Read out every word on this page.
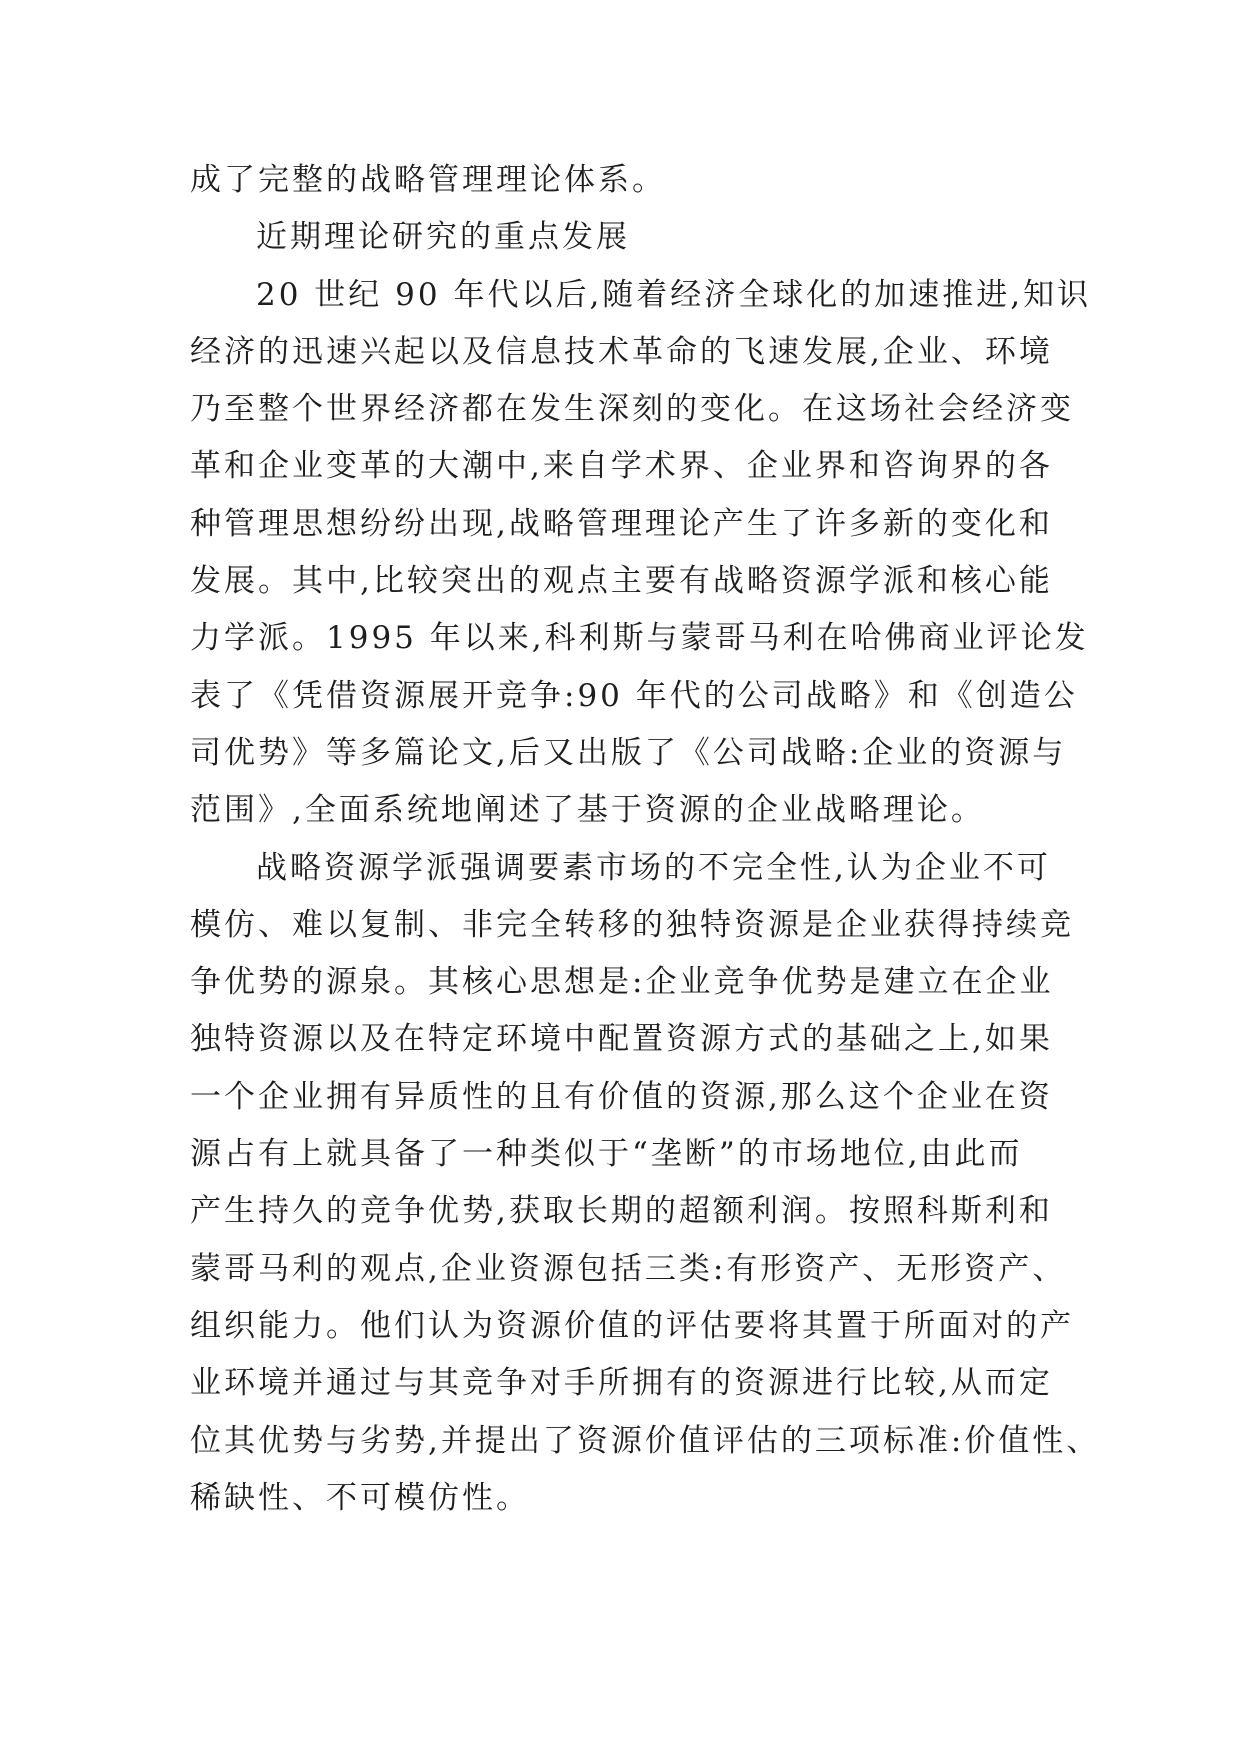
成了完整的战略管理理论体系。
近期理论研究的重点发展
20 世纪 90 年代以后,随着经济全球化的加速推进,知识
经济的迅速兴起以及信息技术革命的飞速发展,企业、环境
乃至整个世界经济都在发生深刻的变化。在这场社会经济变
革和企业变革的大潮中,来自学术界、企业界和咨询界的各
种管理思想纷纷出现,战略管理理论产生了许多新的变化和
发展。其中,比较突出的观点主要有战略资源学派和核心能
力学派。1995 年以来,科利斯与蒙哥马利在哈佛商业评论发
表了《凭借资源展开竞争:90 年代的公司战略》和《创造公
司优势》等多篇论文,后又出版了《公司战略:企业的资源与
范围》,全面系统地阐述了基于资源的企业战略理论。
战略资源学派强调要素市场的不完全性,认为企业不可
模仿、难以复制、非完全转移的独特资源是企业获得持续竞
争优势的源泉。其核心思想是:企业竞争优势是建立在企业
独特资源以及在特定环境中配置资源方式的基础之上,如果
一个企业拥有异质性的且有价值的资源,那么这个企业在资
源占有上就具备了一种类似于“垄断”的市场地位,由此而
产生持久的竞争优势,获取长期的超额利润。按照科斯利和
蒙哥马利的观点,企业资源包括三类:有形资产、无形资产、
组织能力。他们认为资源价值的评估要将其置于所面对的产
业环境并通过与其竞争对手所拥有的资源进行比较,从而定
位其优势与劣势,并提出了资源价值评估的三项标准:价值性、
稀缺性、不可模仿性。
